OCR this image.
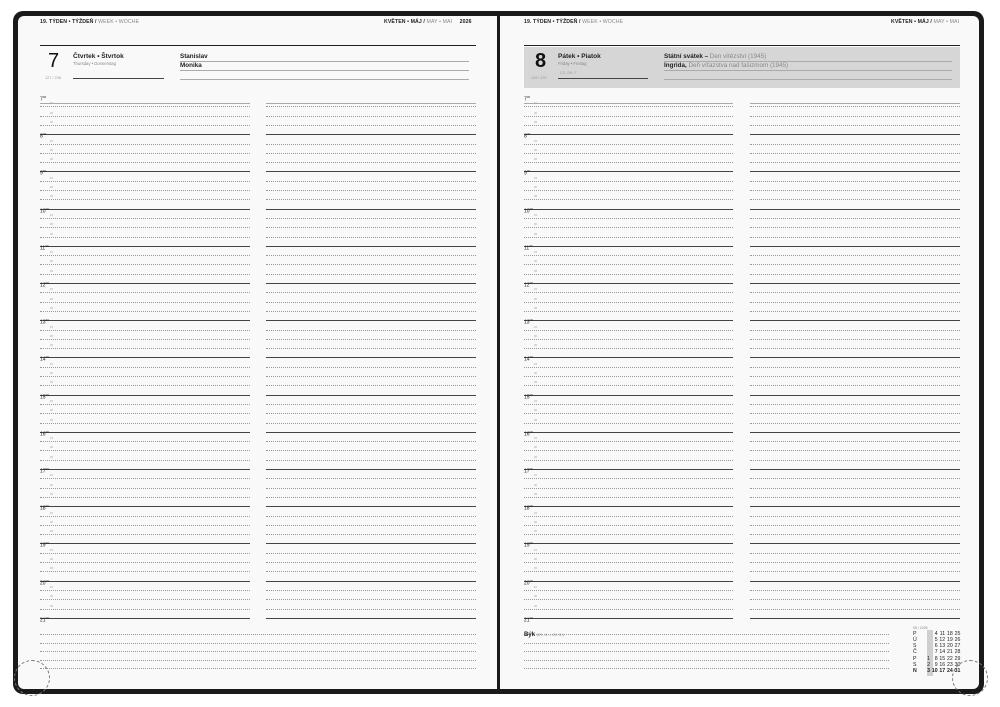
19. TÝDEN • TÝŽDEŇ / WEEK • WOCHE	KVĚTEN • MÁJ / MAY • MAI 2026
7 Čtvrtek • Štvrtok
Thursday • Donnerstag
127 / 238
Stanislav
Monika
19. TÝDEN • TÝŽDEŇ / WEEK • WOCHE	KVĚTEN • MÁJ / MAY • MAI
8 Pátek • Piatok
Friday • Freitag
CZ, SK, F
128 / 237
Státní svátek – Den vítězství (1945)
Ingrida, Deň víťazstva nad fašizmom (1945)
$7^{00}$
15
30
45
$8^{00}$
15
30
45
$9^{00}$
15
30
45
$10^{00}$
15
30
45
$11^{00}$
15
30
45
$12^{00}$
15
30
45
$13^{00}$
15
30
45
$14^{00}$
15
30
45
$15^{00}$
15
30
45
$16^{00}$
15
30
45
$17^{00}$
15
30
45
$18^{00}$
15
30
45
$19^{00}$
15
30
45
$20^{00}$
15
30
45
$21^{00}$
$7^{00}$
15
30
45
$8^{00}$
15
30
45
$9^{00}$
15
30
45
$10^{00}$
15
30
45
$11^{00}$
15
30
45
$12^{00}$
15
30
45
$13^{00}$
15
30
45
$14^{00}$
15
30
45
$15^{00}$
15
30
45
$16^{00}$
15
30
45
$17^{00}$
15
30
45
$18^{00}$
15
30
45
$19^{00}$
15
30
45
$20^{00}$
15
30
45
$21^{00}$
Býk (21. 4. – 21. 5.)
05 / 2026
P	4 11 18 25
Ú	5 12 19 26
S	6 13 20 27
Č	7 14 21 28
P	1 8 15 22 29
S	2 9 16 23 30
N	3 10 17 24 31
